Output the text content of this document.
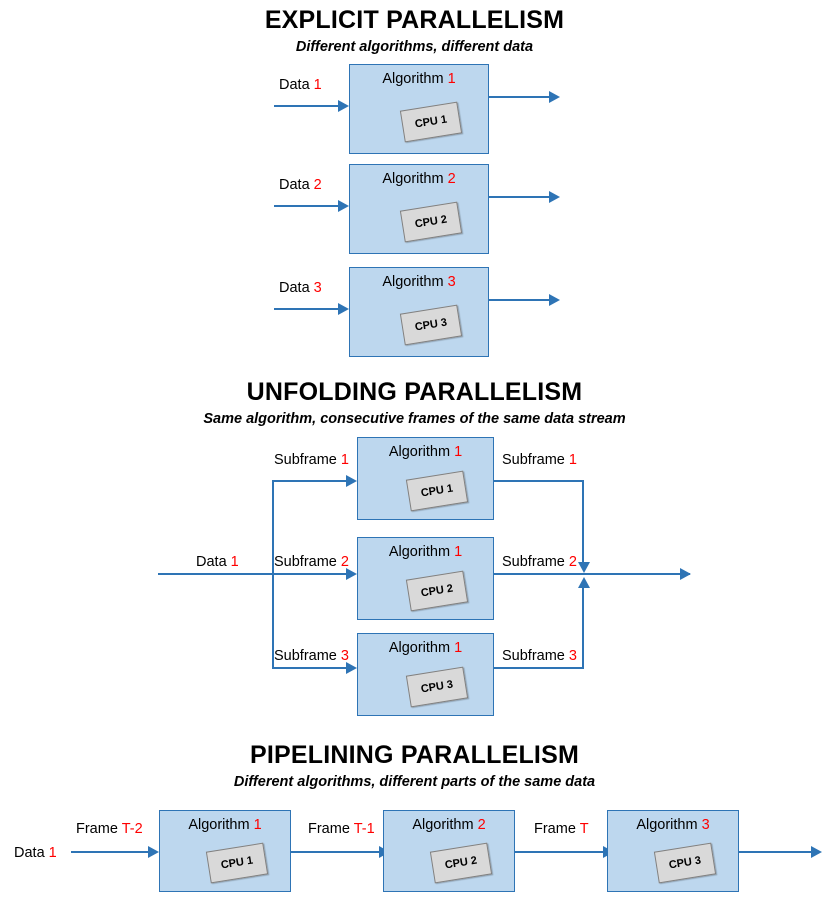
EXPLICIT PARALLELISM
Different algorithms, different data
Algorithm 1
CPU 1
Data 1
Algorithm 2
CPU 2
Data 2
Algorithm 3
CPU 3
Data 3
UNFOLDING PARALLELISM
Same algorithm, consecutive frames of the same data stream
Algorithm 1
CPU 1
Algorithm 1
CPU 2
Algorithm 1
CPU 3
Data 1
Subframe 1
Subframe 2
Subframe 3
Subframe 1
Subframe 2
Subframe 3
PIPELINING PARALLELISM
Different algorithms, different parts of the same data
Data 1
Frame T-2	Algorithm 1
CPU 1
Frame T-1	Algorithm 2
CPU 2
Frame T	Algorithm 3
CPU 3
